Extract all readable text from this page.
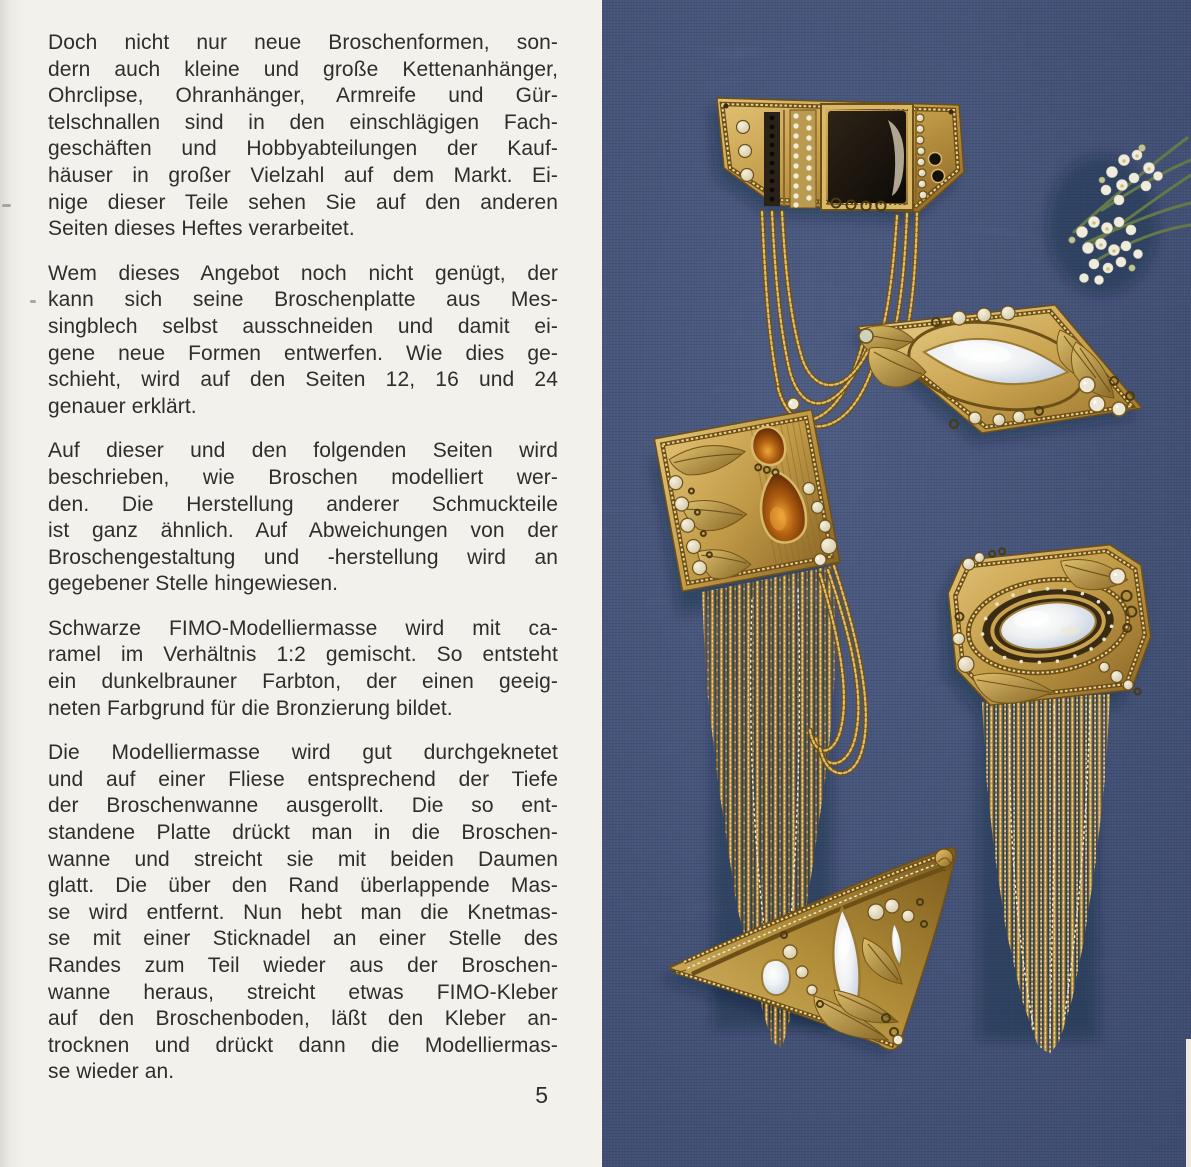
Doch nicht nur neue Broschenformen, son-
dern auch kleine und große Kettenanhänger,
Ohrclipse, Ohranhänger, Armreife und Gür-
telschnallen sind in den einschlägigen Fach-
geschäften und Hobbyabteilungen der Kauf-
häuser in großer Vielzahl auf dem Markt. Ei-
nige dieser Teile sehen Sie auf den anderen
Seiten dieses Heftes verarbeitet.
Wem dieses Angebot noch nicht genügt, der
kann sich seine Broschenplatte aus Mes-
singblech selbst ausschneiden und damit ei-
gene neue Formen entwerfen. Wie dies ge-
schieht, wird auf den Seiten 12, 16 und 24
genauer erklärt.
Auf dieser und den folgenden Seiten wird
beschrieben, wie Broschen modelliert wer-
den. Die Herstellung anderer Schmuckteile
ist ganz ähnlich. Auf Abweichungen von der
Broschengestaltung und -herstellung wird an
gegebener Stelle hingewiesen.
Schwarze FIMO-Modelliermasse wird mit ca-
ramel im Verhältnis 1:2 gemischt. So entsteht
ein dunkelbrauner Farbton, der einen geeig-
neten Farbgrund für die Bronzierung bildet.
Die Modelliermasse wird gut durchgeknetet
und auf einer Fliese entsprechend der Tiefe
der Broschenwanne ausgerollt. Die so ent-
standene Platte drückt man in die Broschen-
wanne und streicht sie mit beiden Daumen
glatt. Die über den Rand überlappende Mas-
se wird entfernt. Nun hebt man die Knetmas-
se mit einer Sticknadel an einer Stelle des
Randes zum Teil wieder aus der Broschen-
wanne heraus, streicht etwas FIMO-Kleber
auf den Broschenboden, läßt den Kleber an-
trocknen und drückt dann die Modelliermas-
se wieder an.
5
